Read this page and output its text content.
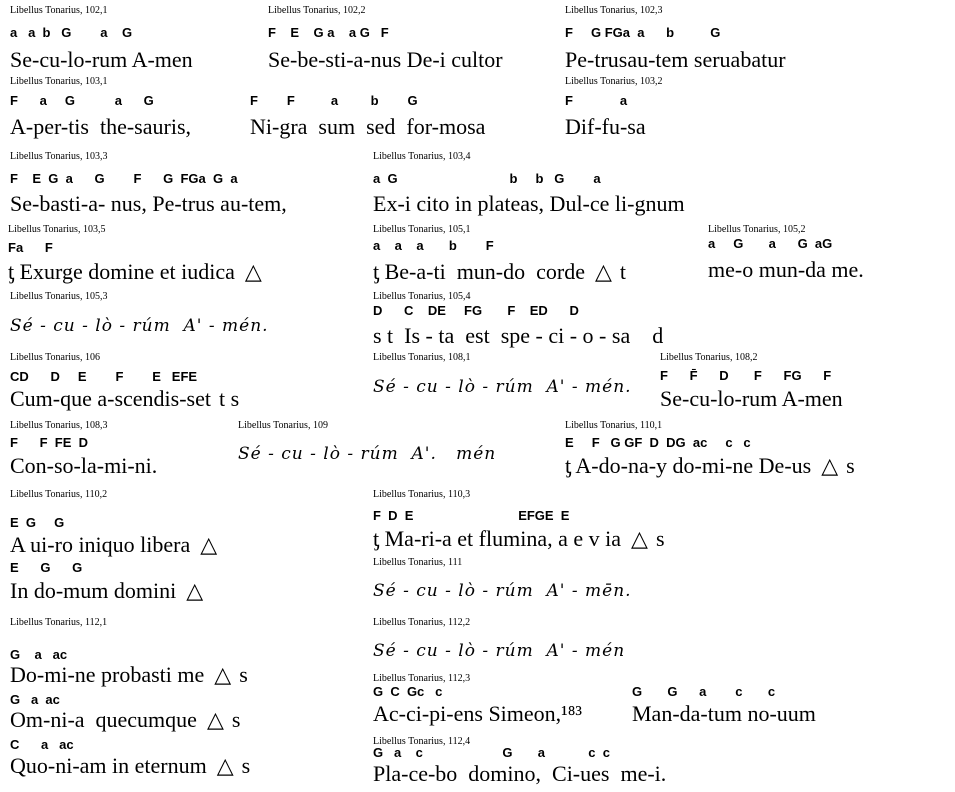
Libellus Tonarius, 102,1
a   a  b   G        a    G
Se-cu-lo-rum A-men
Libellus Tonarius, 102,2
F    E    G a    a G   F
Se-be-sti-a-nus De-i cultor
Libellus Tonarius, 102,3
F     G FGa  a      b          G
Pe-trusau-tem seruabatur
Libellus Tonarius, 103,1
F      a     G           a      G
A-per-tis  the-sauris,
F        F          a         b        G
Ni-gra  sum  sed  for-mosa
Libellus Tonarius, 103,2
F             a
Dif-fu-sa
Libellus Tonarius, 103,3
F    E  G  a      G        F      G  FGa  G  a
Se-basti-a- nus, Pe-trus au-tem,
Libellus Tonarius, 103,4
a  G                               b     b   G        a
Ex-i cito in plateas, Dul-ce li-gnum
Libellus Tonarius, 103,5
Fa      F
ƫ Exurge domine et iudica △
Libellus Tonarius, 105,1
a    a    a       b        F
ƫ Be-a-ti  mun-do  corde △ t
Libellus Tonarius, 105,2
a     G       a      G  aG
me-o mun-da me.
Libellus Tonarius, 105,3
Sé - cu - lò - rúm  A' - mén.
Libellus Tonarius, 105,4
D      C    DE     FG       F    ED      D
s t  Is - ta  est  spe - ci - o - sa    d
Libellus Tonarius, 106
CD      D     E        F        E   EFE
Cum-que a-scendis-set t s
Libellus Tonarius, 108,1
Sé - cu - lò - rúm  A' - mén.
Libellus Tonarius, 108,2
F      F̄      D       F      FG      F
Se-cu-lo-rum A-men
Libellus Tonarius, 108,3
F      F  FE  D
Con-so-la-mi-ni.
Libellus Tonarius, 109
Sé - cu - lò - rúm  A'.   mén
Libellus Tonarius, 110,1
E     F   G GF  D  DG  ac     c   c
ƫ A-do-na-y do-mi-ne De-us △ s
Libellus Tonarius, 110,2
E  G     G
A ui-ro iniquo libera △
E      G      G
In do-mum domini △
Libellus Tonarius, 110,3
F  D  E                             EFGE  E
ƫ Ma-ri-a et flumina, a e v ia △ s
Libellus Tonarius, 111
Sé - cu - lò - rúm  A' - mēn.
Libellus Tonarius, 112,1
G    a   ac
Do-mi-ne probasti me △ s
G   a  ac
Om-ni-a  quecumque △ s
C      a   ac
Quo-ni-am in eternum △ s
Libellus Tonarius, 112,2
Sé - cu - lò - rúm  A' - mén
Libellus Tonarius, 112,3
G  C  Gc   c
Ac-ci-pi-ens Simeon,¹⁸³
G       G      a        c       c
Man-da-tum no-uum
Libellus Tonarius, 112,4
G   a    c                      G       a            c  c
Pla-ce-bo  domino,  Ci-ues  me-i.
